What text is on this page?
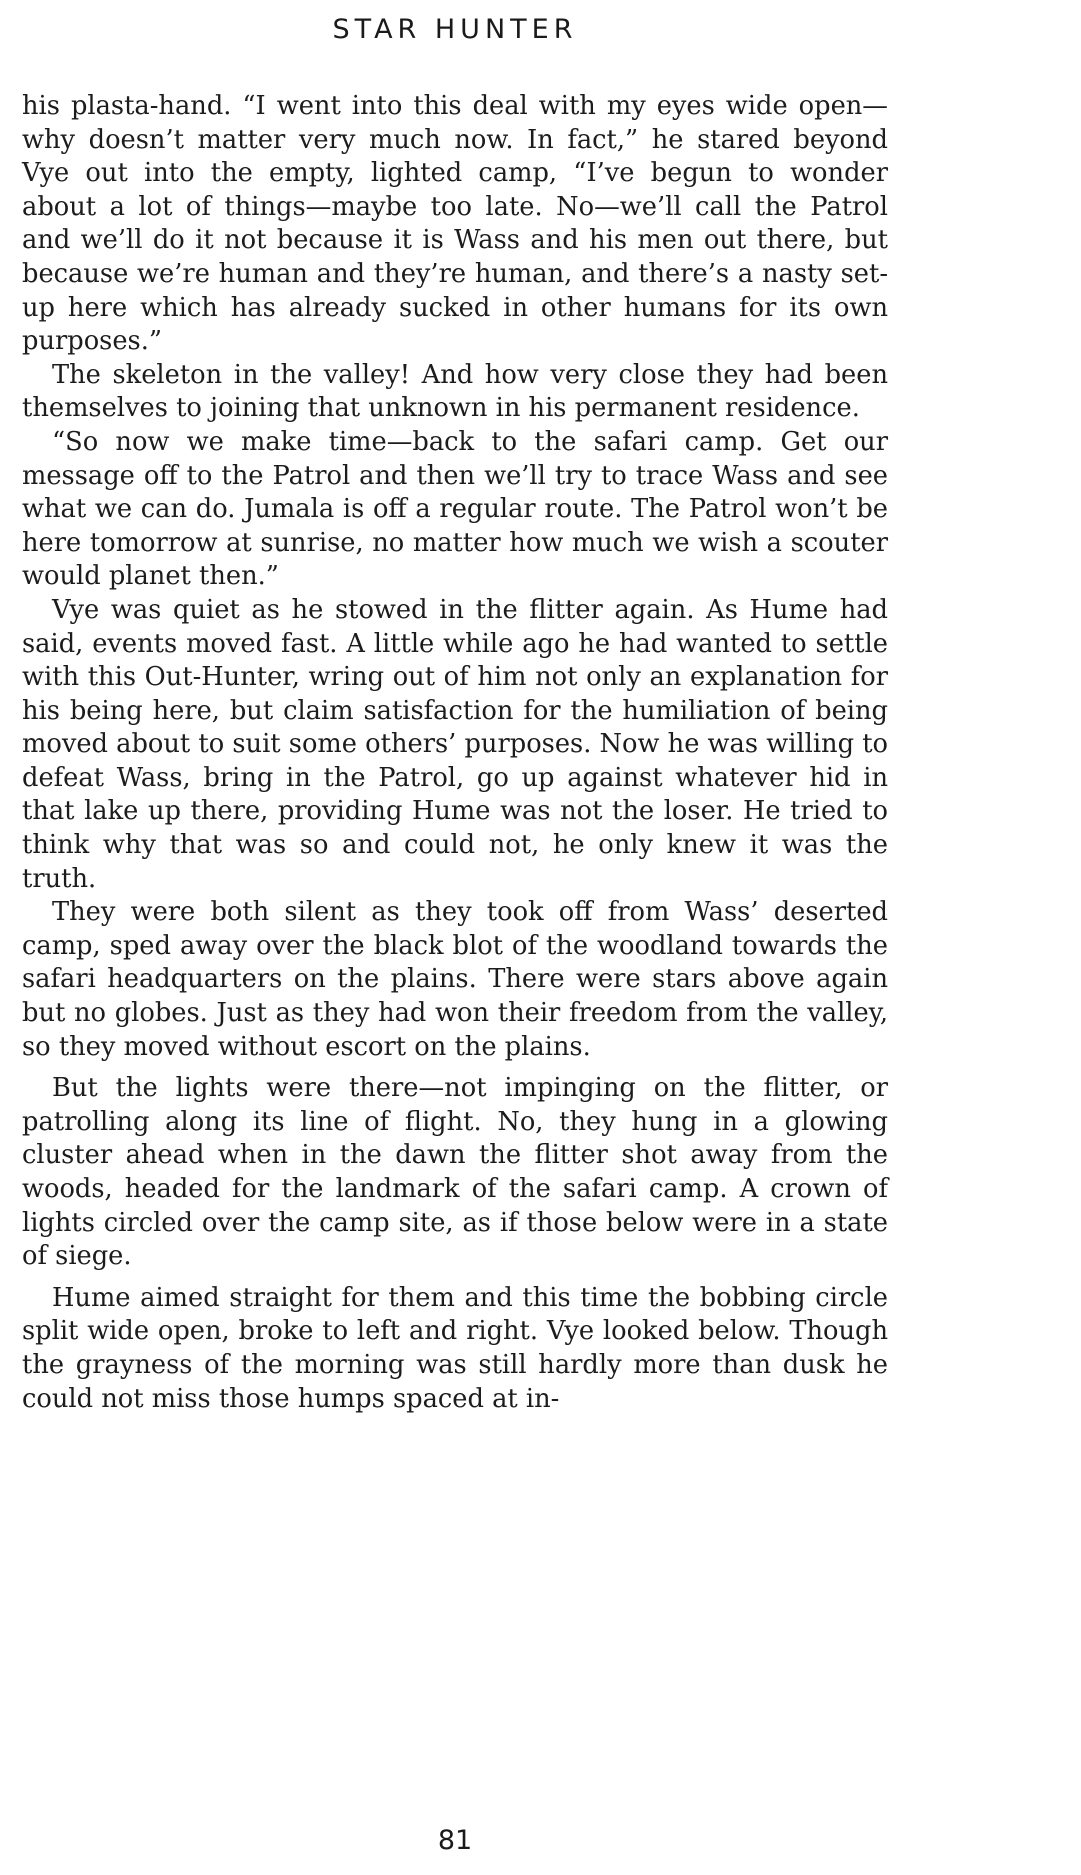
STAR HUNTER

his plasta-hand. “I went into this deal with my eyes wide open—why doesn’t matter very much now. In fact,” he stared beyond Vye out into the empty, lighted camp, “I’ve begun to wonder about a lot of things—maybe too late. No—we’ll call the Patrol and we’ll do it not because it is Wass and his men out there, but because we’re human and they’re human, and there’s a nasty set-up here which has already sucked in other humans for its own purposes.”

The skeleton in the valley! And how very close they had been themselves to joining that unknown in his permanent residence.

“So now we make time—back to the safari camp. Get our message off to the Patrol and then we’ll try to trace Wass and see what we can do. Jumala is off a regular route. The Patrol won’t be here tomorrow at sunrise, no matter how much we wish a scouter would planet then.”

Vye was quiet as he stowed in the flitter again. As Hume had said, events moved fast. A little while ago he had wanted to settle with this Out-Hunter, wring out of him not only an explanation for his being here, but claim satisfaction for the humiliation of being moved about to suit some others’ purposes. Now he was willing to defeat Wass, bring in the Patrol, go up against whatever hid in that lake up there, providing Hume was not the loser. He tried to think why that was so and could not, he only knew it was the truth.

They were both silent as they took off from Wass’ deserted camp, sped away over the black blot of the woodland towards the safari headquarters on the plains. There were stars above again but no globes. Just as they had won their freedom from the valley, so they moved without escort on the plains.

But the lights were there—not impinging on the flitter, or patrolling along its line of flight. No, they hung in a glowing cluster ahead when in the dawn the flitter shot away from the woods, headed for the landmark of the safari camp. A crown of lights circled over the camp site, as if those below were in a state of siege.

Hume aimed straight for them and this time the bobbing circle split wide open, broke to left and right. Vye looked below. Though the grayness of the morning was still hardly more than dusk he could not miss those humps spaced at in-

81
